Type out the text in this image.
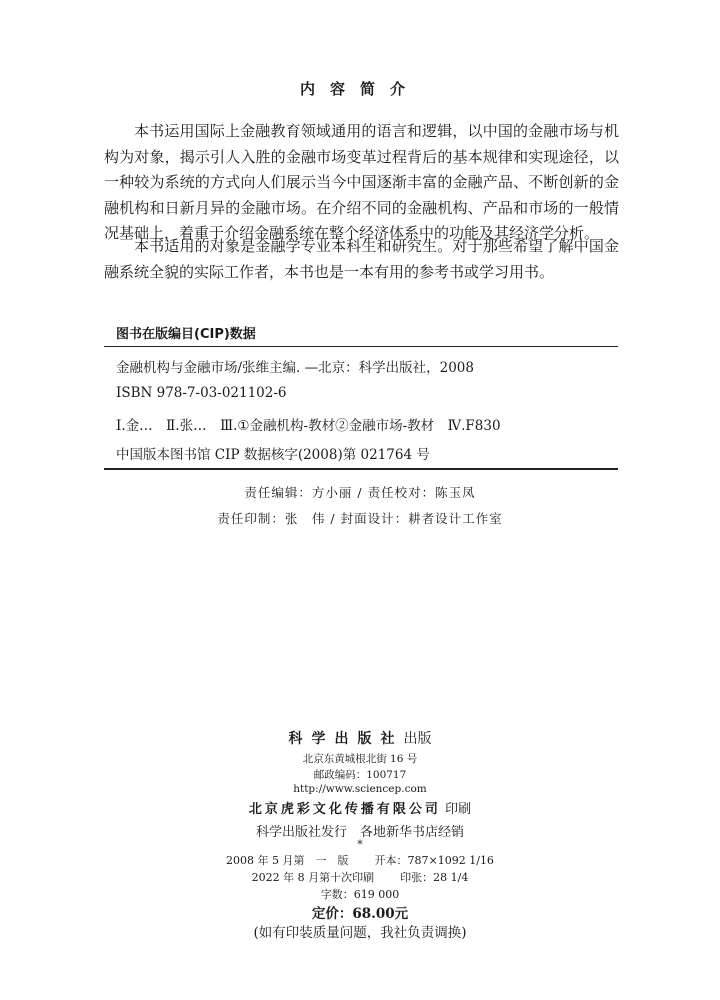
内容简介

本书运用国际上金融教育领域通用的语言和逻辑，以中国的金融市场与机构为对象，揭示引人入胜的金融市场变革过程背后的基本规律和实现途径，以一种较为系统的方式向人们展示当今中国逐渐丰富的金融产品、不断创新的金融机构和日新月异的金融市场。在介绍不同的金融机构、产品和市场的一般情况基础上，着重于介绍金融系统在整个经济体系中的功能及其经济学分析。

本书适用的对象是金融学专业本科生和研究生。对于那些希望了解中国金融系统全貌的实际工作者，本书也是一本有用的参考书或学习用书。

图书在版编目(CIP)数据
金融机构与金融市场/张维主编. —北京：科学出版社，2008
ISBN 978-7-03-021102-6
Ⅰ.金…　Ⅱ.张…　Ⅲ.①金融机构-教材②金融市场-教材　Ⅳ.F830
中国版本图书馆 CIP 数据核字(2008)第 021764 号
责任编辑：方小丽 / 责任校对：陈玉凤
责任印制：张　伟 / 封面设计：耕者设计工作室
科学出版社出版
北京东黄城根北街 16 号
邮政编码：100717
http://www.sciencep.com
北京虎彩文化传播有限公司 印刷
科学出版社发行　 各地新华书店经销
*
2008 年 5 月第　一　版 开本：787×1092 1/16
2022 年 8 月第十次印刷 印张：28 1/4
字数：619 000
定价：68.00元
(如有印装质量问题，我社负责调换)
